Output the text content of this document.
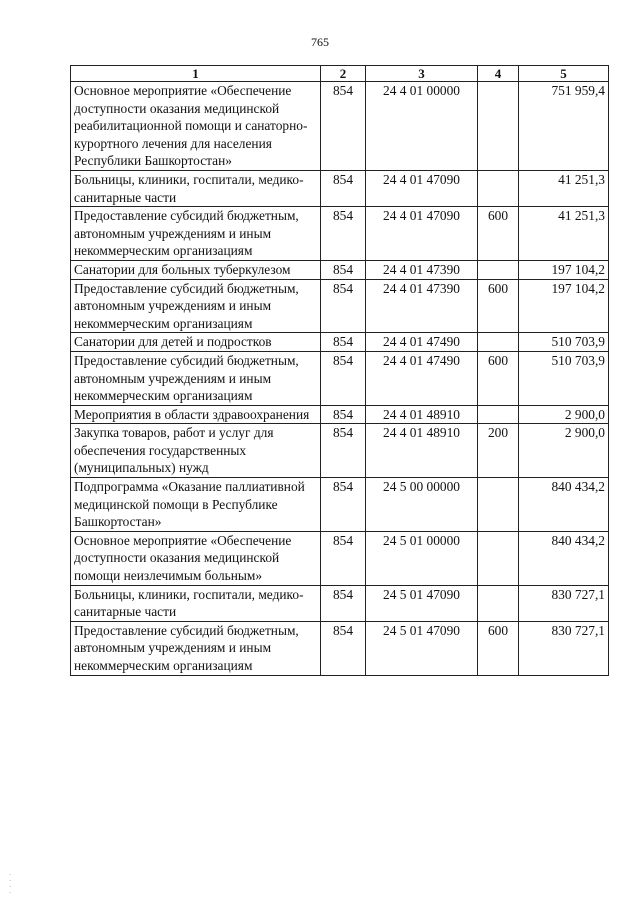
765
1	2	3	4	5
Основное мероприятие «Обеспечение доступности оказания медицинской реабилитационной помощи и санаторно-курортного лечения для населения Республики Башкортостан»	854	24 4 01 00000		751 959,4
Больницы, клиники, госпитали, медико-санитарные части	854	24 4 01 47090		41 251,3
Предоставление субсидий бюджетным, автономным учреждениям и иным некоммерческим организациям	854	24 4 01 47090	600	41 251,3
Санатории для больных туберкулезом	854	24 4 01 47390		197 104,2
Предоставление субсидий бюджетным, автономным учреждениям и иным некоммерческим организациям	854	24 4 01 47390	600	197 104,2
Санатории для детей и подростков	854	24 4 01 47490		510 703,9
Предоставление субсидий бюджетным, автономным учреждениям и иным некоммерческим организациям	854	24 4 01 47490	600	510 703,9
Мероприятия в области здравоохранения	854	24 4 01 48910		2 900,0
Закупка товаров, работ и услуг для обеспечения государственных (муниципальных) нужд	854	24 4 01 48910	200	2 900,0
Подпрограмма «Оказание паллиативной медицинской помощи в Республике Башкортостан»	854	24 5 00 00000		840 434,2
Основное мероприятие «Обеспечение доступности оказания медицинской помощи неизлечимым больным»	854	24 5 01 00000		840 434,2
Больницы, клиники, госпитали, медико-санитарные части	854	24 5 01 47090		830 727,1
Предоставление субсидий бюджетным, автономным учреждениям и иным некоммерческим организациям	854	24 5 01 47090	600	830 727,1
·
·
·
·
